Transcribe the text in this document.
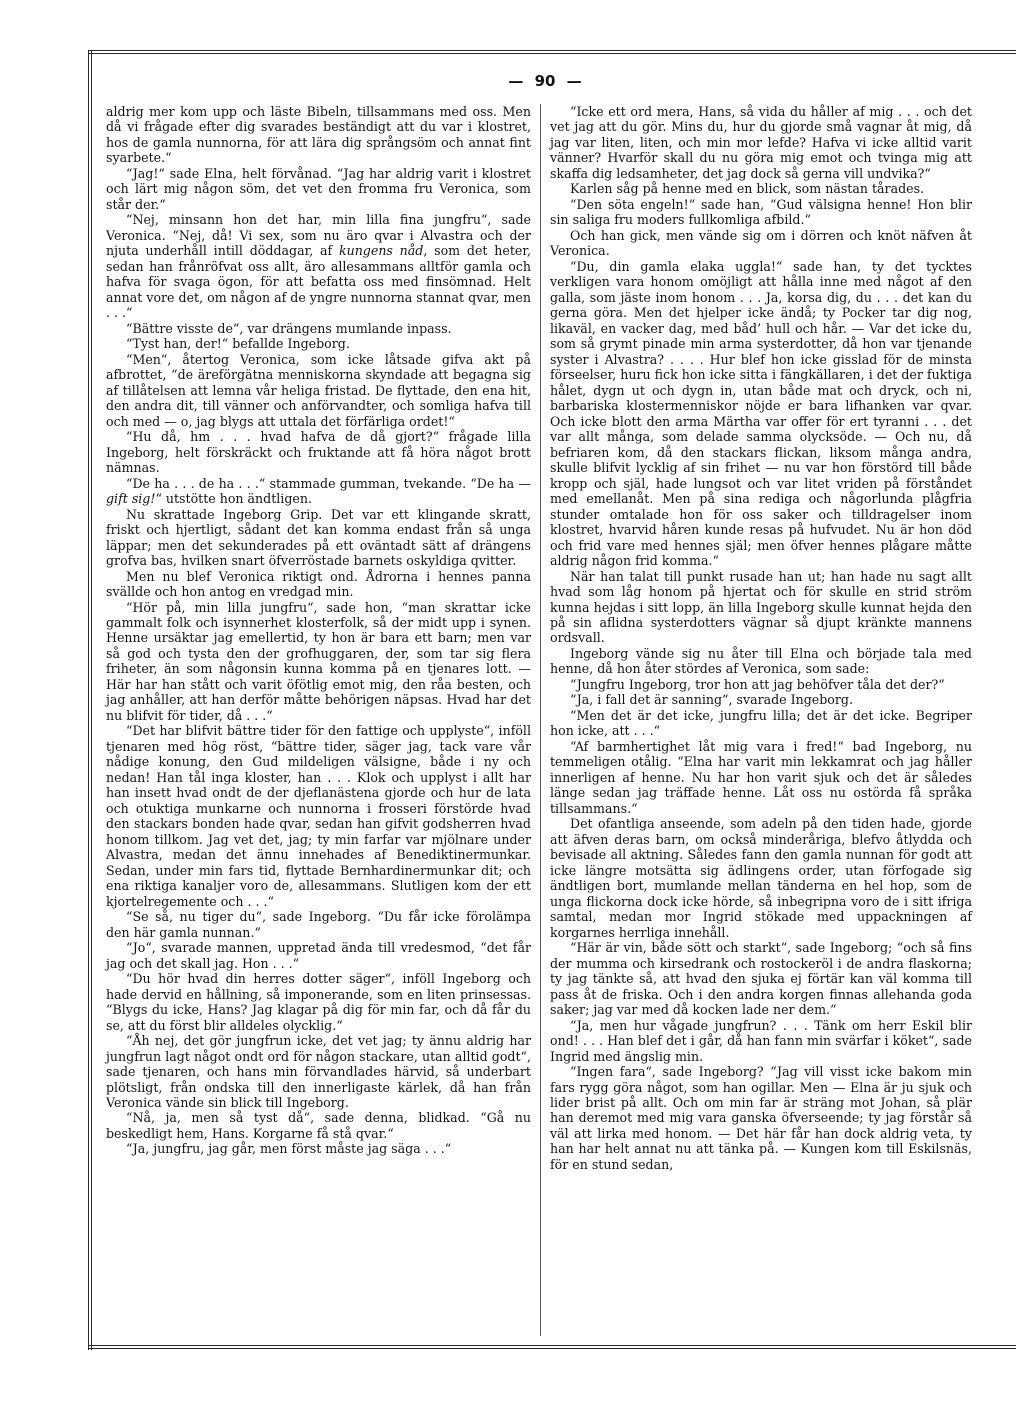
— 90 —

aldrig mer kom upp och läste Bibeln, tillsammans med oss. Men då vi frågade efter dig svarades beständigt att du var i klostret, hos de gamla nunnorna, för att lära dig språngsöm och annat fint syarbete.“

“Jag!“ sade Elna, helt förvånad. “Jag har aldrig varit i klostret och lärt mig någon söm, det vet den fromma fru Veronica, som står der.“

“Nej, minsann hon det har, min lilla fina jungfru“, sade Veronica. “Nej, då! Vi sex, som nu äro qvar i Alvastra och der njuta underhåll intill döddagar, af kungens nåd, som det heter, sedan han frånröfvat oss allt, äro allesammans alltför gamla och hafva för svaga ögon, för att befatta oss med finsömnad. Helt annat vore det, om någon af de yngre nunnorna stannat qvar, men . . .“

“Bättre visste de“, var drängens mumlande inpass.

“Tyst han, der!“ befallde Ingeborg.

“Men“, återtog Veronica, som icke låtsade gifva akt på afbrottet, “de äreförgätna menniskorna skyndade att begagna sig af tillåtelsen att lemna vår heliga fristad. De flyttade, den ena hit, den andra dit, till vänner och anförvandter, och somliga hafva till och med — o, jag blygs att uttala det förfärliga ordet!“

“Hu då, hm . . . hvad hafva de då gjort?“ frågade lilla Ingeborg, helt förskräckt och fruktande att få höra något brott nämnas.

“De ha . . . de ha . . .“ stammade gumman, tvekande. “De ha — gift sig!“ utstötte hon ändtligen.

Nu skrattade Ingeborg Grip. Det var ett klingande skratt, friskt och hjertligt, sådant det kan komma endast från så unga läppar; men det sekunderades på ett oväntadt sätt af drängens grofva bas, hvilken snart öfverröstade barnets oskyldiga qvitter.

Men nu blef Veronica riktigt ond. Ådrorna i hennes panna svällde och hon antog en vredgad min.

“Hör på, min lilla jungfru“, sade hon, “man skrattar icke gammalt folk och isynnerhet klosterfolk, så der midt upp i synen. Henne ursäktar jag emellertid, ty hon är bara ett barn; men var så god och tysta den der grofhuggaren, der, som tar sig flera friheter, än som någonsin kunna komma på en tjenares lott. — Här har han stått och varit öfötlig emot mig, den råa besten, och jag anhåller, att han derför måtte behörigen näpsas. Hvad har det nu blifvit för tider, då . . .“

“Det har blifvit bättre tider för den fattige och upplyste“, inföll tjenaren med hög röst, “bättre tider, säger jag, tack vare vår nådige konung, den Gud mildeligen välsigne, både i ny och nedan! Han tål inga kloster, han . . . Klok och upplyst i allt har han insett hvad ondt de der djeflanästena gjorde och hur de lata och otuktiga munkarne och nunnorna i frosseri förstörde hvad den stackars bonden hade qvar, sedan han gifvit godsherren hvad honom tillkom. Jag vet det, jag; ty min farfar var mjölnare under Alvastra, medan det ännu innehades af Benediktinermunkar. Sedan, under min fars tid, flyttade Bernhardinermunkar dit; och ena riktiga kanaljer voro de, allesammans. Slutligen kom der ett kjortelregemente och . . .“

“Se så, nu tiger du“, sade Ingeborg. “Du får icke förolämpa den här gamla nunnan.“

“Jo“, svarade mannen, uppretad ända till vredesmod, “det får jag och det skall jag. Hon . . .“

“Du hör hvad din herres dotter säger“, inföll Ingeborg och hade dervid en hållning, så imponerande, som en liten prinsessas. “Blygs du icke, Hans? Jag klagar på dig för min far, och då får du se, att du först blir alldeles olycklig.“

“Åh nej, det gör jungfrun icke, det vet jag; ty ännu aldrig har jungfrun lagt något ondt ord för någon stackare, utan alltid godt“, sade tjenaren, och hans min förvandlades härvid, så underbart plötsligt, från ondska till den innerligaste kärlek, då han från Veronica vände sin blick till Ingeborg.

“Nå, ja, men så tyst då“, sade denna, blidkad. “Gå nu beskedligt hem, Hans. Korgarne få stå qvar.“

“Ja, jungfru, jag går, men först måste jag säga . . .“

“Icke ett ord mera, Hans, så vida du håller af mig . . . och det vet jag att du gör. Mins du, hur du gjorde små vagnar åt mig, då jag var liten, liten, och min mor lefde? Hafva vi icke alltid varit vänner? Hvarför skall du nu göra mig emot och tvinga mig att skaffa dig ledsamheter, det jag dock så gerna vill undvika?“

Karlen såg på henne med en blick, som nästan tårades.

“Den söta engeln!“ sade han, “Gud välsigna henne! Hon blir sin saliga fru moders fullkomliga afbild.“

Och han gick, men vände sig om i dörren och knöt näfven åt Veronica.

“Du, din gamla elaka uggla!“ sade han, ty det tycktes verkligen vara honom omöjligt att hålla inne med något af den galla, som jäste inom honom . . . Ja, korsa dig, du . . . det kan du gerna göra. Men det hjelper icke ändå; ty Pocker tar dig nog, likaväl, en vacker dag, med båd’ hull och hår. — Var det icke du, som så grymt pinade min arma systerdotter, då hon var tjenande syster i Alvastra? . . . . Hur blef hon icke gisslad för de minsta förseelser, huru fick hon icke sitta i fängkällaren, i det der fuktiga hålet, dygn ut och dygn in, utan både mat och dryck, och ni, barbariska klostermenniskor nöjde er bara lifhanken var qvar. Och icke blott den arma Märtha var offer för ert tyranni . . . det var allt många, som delade samma olycksöde. — Och nu, då befriaren kom, då den stackars flickan, liksom många andra, skulle blifvit lycklig af sin frihet — nu var hon förstörd till både kropp och själ, hade lungsot och var litet vriden på förståndet med emellanåt. Men på sina rediga och någorlunda plågfria stunder omtalade hon för oss saker och tilldragelser inom klostret, hvarvid håren kunde resas på hufvudet. Nu är hon död och frid vare med hennes själ; men öfver hennes plågare måtte aldrig någon frid komma.“

När han talat till punkt rusade han ut; han hade nu sagt allt hvad som låg honom på hjertat och för skulle en strid ström kunna hejdas i sitt lopp, än lilla Ingeborg skulle kunnat hejda den på sin aflidna systerdotters vägnar så djupt kränkte mannens ordsvall.

Ingeborg vände sig nu åter till Elna och började tala med henne, då hon åter stördes af Veronica, som sade:

“Jungfru Ingeborg, tror hon att jag behöfver tåla det der?“

“Ja, i fall det är sanning“, svarade Ingeborg.

“Men det är det icke, jungfru lilla; det är det icke. Begriper hon icke, att . . .“

“Af barmhertighet låt mig vara i fred!“ bad Ingeborg, nu temmeligen otålig. “Elna har varit min lekkamrat och jag håller innerligen af henne. Nu har hon varit sjuk och det är således länge sedan jag träffade henne. Låt oss nu ostörda få språka tillsammans.“

Det ofantliga anseende, som adeln på den tiden hade, gjorde att äfven deras barn, om också minderåriga, blefvo åtlydda och bevisade all aktning. Således fann den gamla nunnan för godt att icke längre motsätta sig ädlingens order, utan förfogade sig ändtligen bort, mumlande mellan tänderna en hel hop, som de unga flickorna dock icke hörde, så inbegripna voro de i sitt ifriga samtal, medan mor Ingrid stökade med uppackningen af korgarnes herrliga innehåll.

“Här är vin, både sött och starkt“, sade Ingeborg; “och så fins der mumma och kirsedrank och rostockeröl i de andra flaskorna; ty jag tänkte så, att hvad den sjuka ej förtär kan väl komma till pass åt de friska. Och i den andra korgen finnas allehanda goda saker; jag var med då kocken lade ner dem.“

“Ja, men hur vågade jungfrun? . . . Tänk om herr Eskil blir ond! . . . Han blef det i går, då han fann min svärfar i köket“, sade Ingrid med ängslig min.

“Ingen fara“, sade Ingeborg? “Jag vill visst icke bakom min fars rygg göra något, som han ogillar. Men — Elna är ju sjuk och lider brist på allt. Och om min far är sträng mot Johan, så plär han deremot med mig vara ganska öfverseende; ty jag förstår så väl att lirka med honom. — Det här får han dock aldrig veta, ty han har helt annat nu att tänka på. — Kungen kom till Eskilsnäs, för en stund sedan,
